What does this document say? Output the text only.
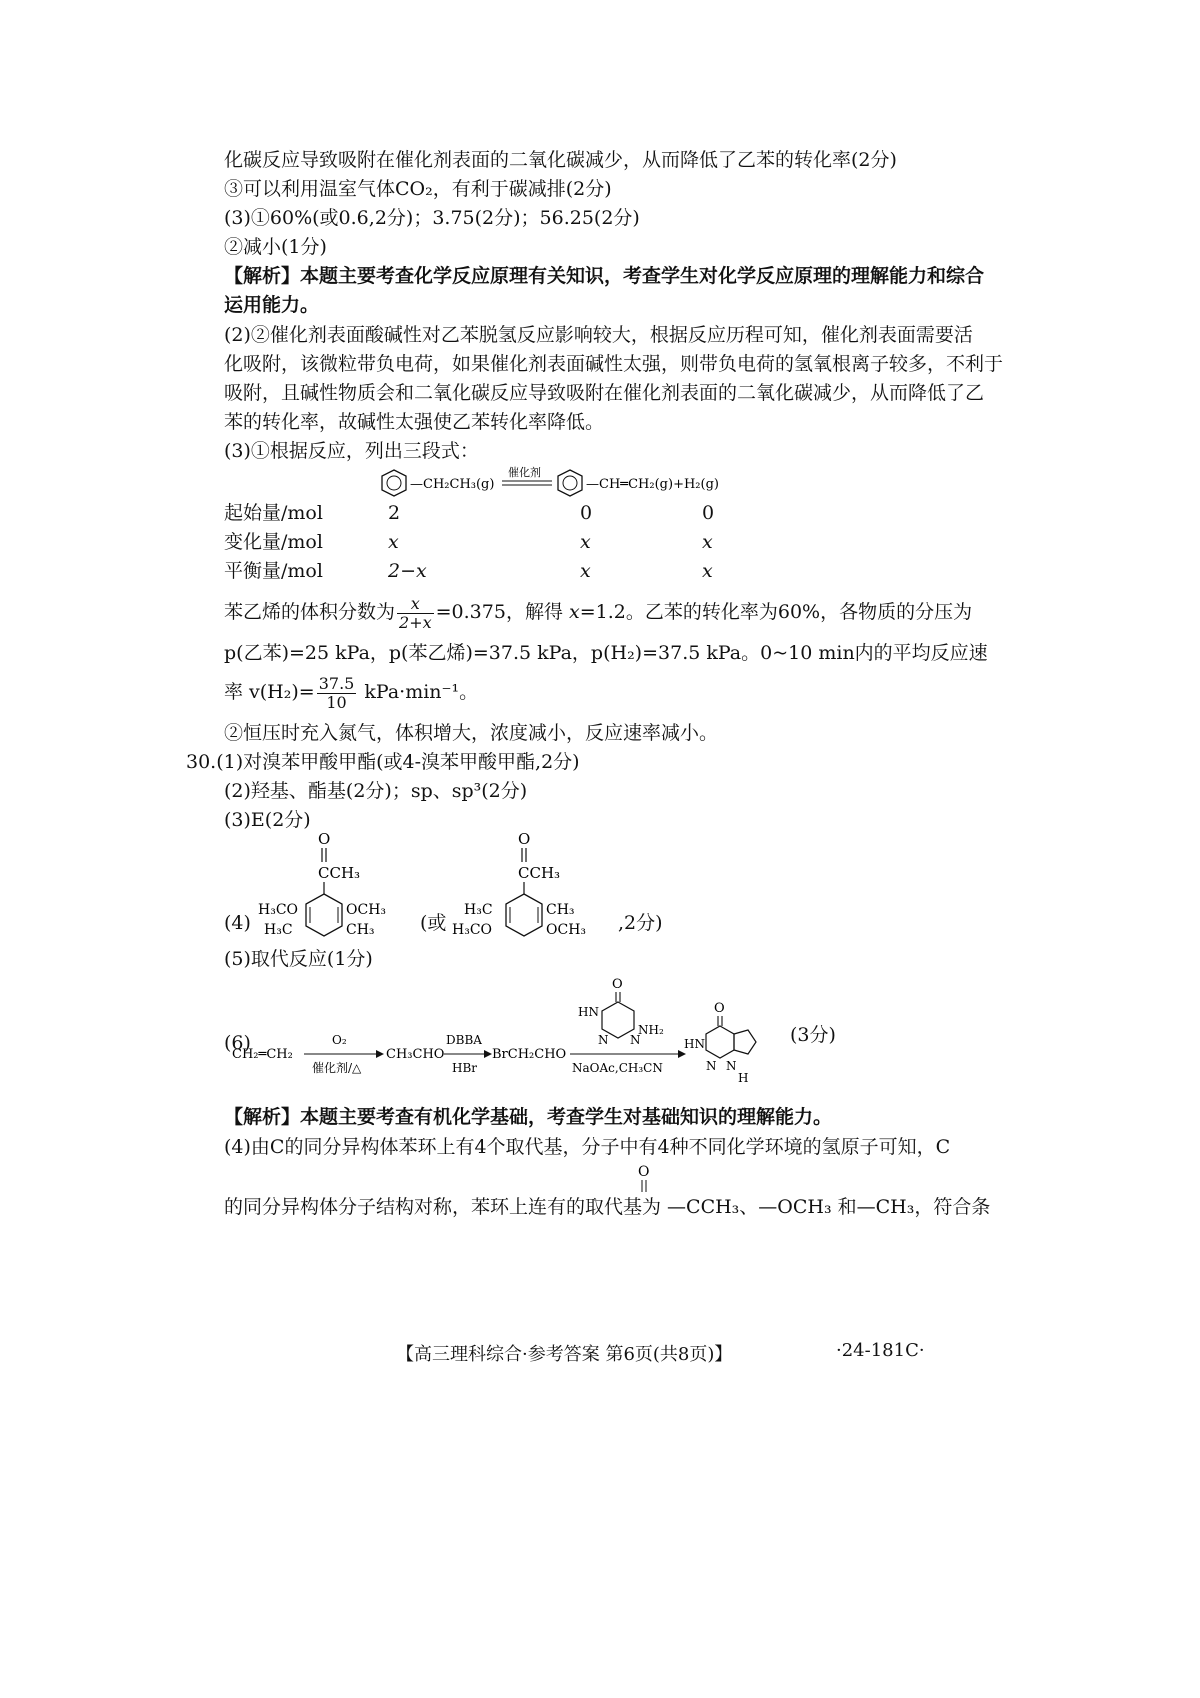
化碳反应导致吸附在催化剂表面的二氧化碳减少，从而降低了乙苯的转化率(2分)
③可以利用温室气体CO₂，有利于碳减排(2分)
(3)①60%(或0.6,2分)；3.75(2分)；56.25(2分)
②减小(1分)
【解析】本题主要考查化学反应原理有关知识，考查学生对化学反应原理的理解能力和综合
运用能力。
(2)②催化剂表面酸碱性对乙苯脱氢反应影响较大，根据反应历程可知，催化剂表面需要活
化吸附，该微粒带负电荷，如果催化剂表面碱性太强，则带负电荷的氢氧根离子较多，不利于
吸附，且碱性物质会和二氧化碳反应导致吸附在催化剂表面的二氧化碳减少，从而降低了乙
苯的转化率，故碱性太强使乙苯转化率降低。
(3)①根据反应，列出三段式：
—CH₂CH₃(g)
催化剂
—CH═CH₂(g)+H₂(g)
起始量/mol	2	0	0
变化量/mol	x	x	x
平衡量/mol	2−x	x	x
苯乙烯的体积分数为 $\frac{x}{2+x} =0.375$，解得 x=1.2。乙苯的转化率为60%，各物质的分压为
p(乙苯)=25 kPa，p(苯乙烯)=37.5 kPa，p(H₂)=37.5 kPa。0~10 min内的平均反应速
率 $v(H_2)= \frac{37.5}{10} kPa\cdot\min^{-1}$。
②恒压时充入氮气，体积增大，浓度减小，反应速率减小。
30.(1)对溴苯甲酸甲酯(或4-溴苯甲酸甲酯,2分)
(2)羟基、酯基(2分)；sp、sp³(2分)
(3)E(2分)
(4)
O
CCH₃
H₃CO	OCH₃
H₃C	CH₃ (或
O
CCH₃
H₃C	CH₃
H₃CO	OCH₃ ,2分)
(5)取代反应(1分)
(6)
CH₂═CH₂
O₂
催化剂/△
CH₃CHO
DBBA
HBr
BrCH₂CHO
O
HN
N N
NH₂
NaOAc,CH₃CN
O
HN
N N
H
(3分)
【解析】本题主要考查有机化学基础，考查学生对基础知识的理解能力。
(4)由C的同分异构体苯环上有4个取代基，分子中有4种不同化学环境的氢原子可知，C
O
的同分异构体分子结构对称，苯环上连有的取代基为 —CCH₃、—OCH₃ 和—CH₃，符合条
【高三理科综合·参考答案 第6页(共8页)】	·24-181C·
